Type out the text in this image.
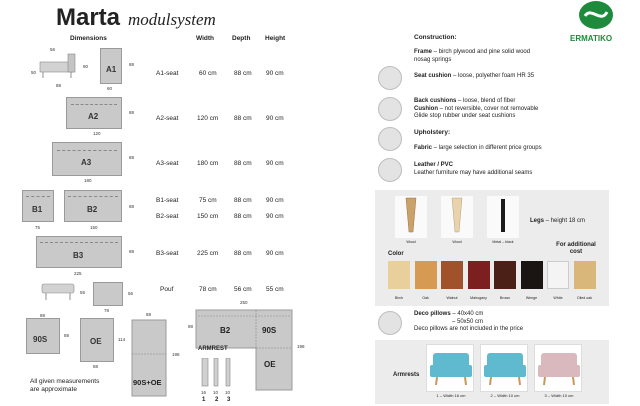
Marta modulsystem
ERMATIKO
Dimensions	Width	Depth Height
A1-seat	60 cm	88 cm 90 cm
A2-seat	120 cm 88 cm 90 cm
A3-seat	180 cm 88 cm 90 cm
B1-seat	75 cm	88 cm 90 cm
B2-seat	150 cm 88 cm 90 cm
B3-seat	225 cm 88 cm 90 cm
Pouf	78 cm	56 cm 55 cm
56
50
88
90 A1
60
88
A2
120
88
A3
180
88
B1
75
B2
150
88
B3
225
88
55
78
56
90S
88
88
OE
88
114
90S+OE
88
198
B2	90S
OE
250
198
88
ARMREST
16 10 10
1 2 3
All given measurements
are approximate
Construction:
Frame – birch plywood and pine solid wood
nosag springs
Seat cushion – loose, polyether foam HR 35
Back cushions – loose, blend of fiber
Cushion – not reversible, cover not removable
Glide stop rubber under seat cushions
Upholstery:
Fabric – large selection in different price groups
Leather / PVC
Leather furniture may have additional seams
Wood	Wood	Metal – black
Legs – height 18 cm
Color
For additional cost
Birch	Oak	Walnut	Mahogany	Brown	Wenge	White	Oiled oak
Deco pillows – 40x40 cm
– 50x50 cm
Deco pillows are not included in the price
Armrests
1 – Width 16 cm	2 – Width 10 cm	3 – Width 10 cm
